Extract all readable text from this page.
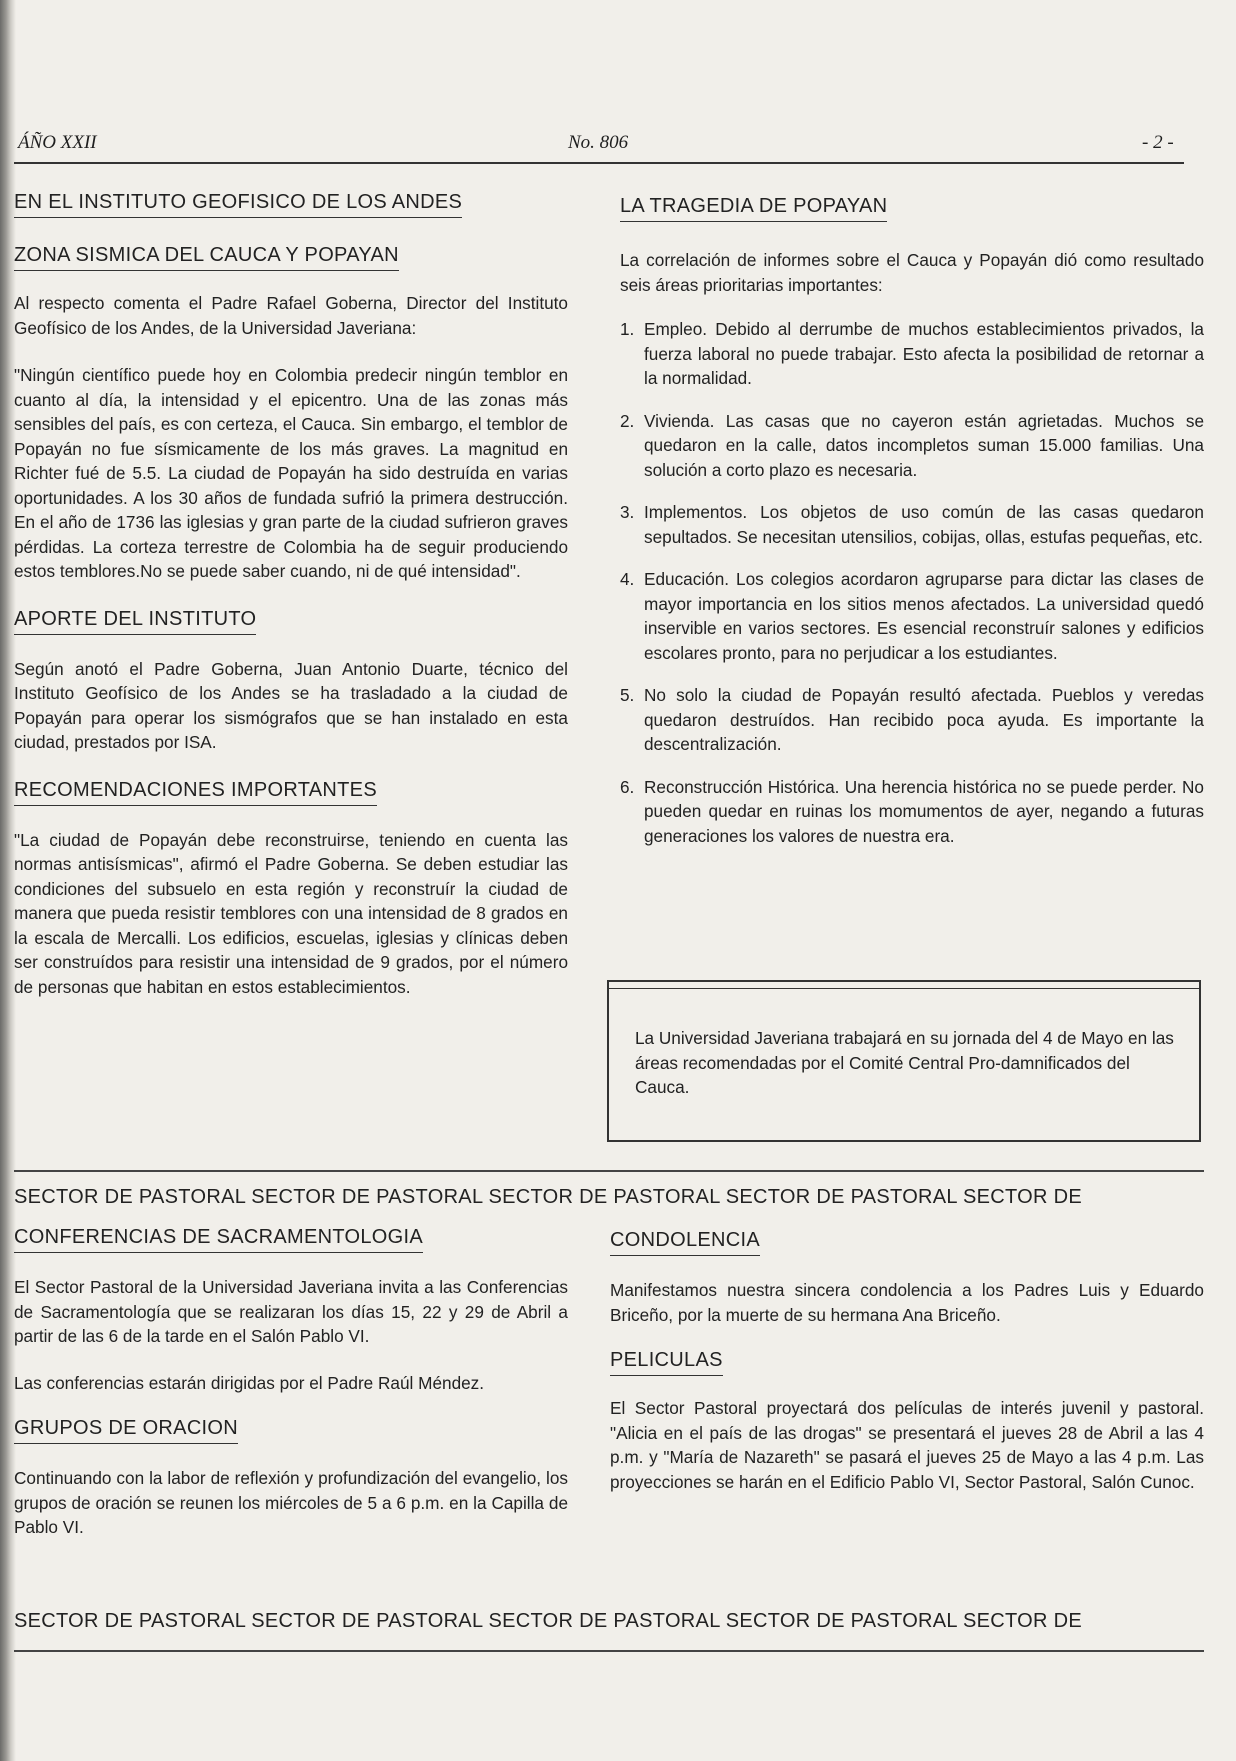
ÁÑO XXII	No. 806	- 2 -
EN EL INSTITUTO GEOFISICO DE LOS ANDES
ZONA SISMICA DEL CAUCA Y POPAYAN

Al respecto comenta el Padre Rafael Goberna, Director del Instituto Geofísico de los Andes, de la Universidad Javeriana:

"Ningún científico puede hoy en Colombia predecir ningún temblor en cuanto al día, la intensidad y el epicentro. Una de las zonas más sensibles del país, es con certeza, el Cauca. Sin embargo, el temblor de Popayán no fue sísmicamente de los más graves. La magnitud en Richter fué de 5.5. La ciudad de Popayán ha sido destruída en varias oportunidades. A los 30 años de fundada sufrió la primera destrucción. En el año de 1736 las iglesias y gran parte de la ciudad sufrieron graves pérdidas. La corteza terrestre de Colombia ha de seguir produciendo estos temblores.No se puede saber cuando, ni de qué intensidad".

APORTE DEL INSTITUTO

Según anotó el Padre Goberna, Juan Antonio Duarte, técnico del Instituto Geofísico de los Andes se ha trasladado a la ciudad de Popayán para operar los sismógrafos que se han instalado en esta ciudad, prestados por ISA.

RECOMENDACIONES IMPORTANTES

"La ciudad de Popayán debe reconstruirse, teniendo en cuenta las normas antisísmicas", afirmó el Padre Goberna. Se deben estudiar las condiciones del subsuelo en esta región y reconstruír la ciudad de manera que pueda resistir temblores con una intensidad de 8 grados en la escala de Mercalli. Los edificios, escuelas, iglesias y clínicas deben ser construídos para resistir una intensidad de 9 grados, por el número de personas que habitan en estos establecimientos.

LA TRAGEDIA DE POPAYAN

La correlación de informes sobre el Cauca y Popayán dió como resultado seis áreas prioritarias importantes:

1. Empleo. Debido al derrumbe de muchos establecimientos privados, la fuerza laboral no puede trabajar. Esto afecta la posibilidad de retornar a la normalidad.
2. Vivienda. Las casas que no cayeron están agrietadas. Muchos se quedaron en la calle, datos incompletos suman 15.000 familias. Una solución a corto plazo es necesaria.
3. Implementos. Los objetos de uso común de las casas quedaron sepultados. Se necesitan utensilios, cobijas, ollas, estufas pequeñas, etc.
4. Educación. Los colegios acordaron agruparse para dictar las clases de mayor importancia en los sitios menos afectados. La universidad quedó inservible en varios sectores. Es esencial reconstruír salones y edificios escolares pronto, para no perjudicar a los estudiantes.
5. No solo la ciudad de Popayán resultó afectada. Pueblos y veredas quedaron destruídos. Han recibido poca ayuda. Es importante la descentralización.
6. Reconstrucción Histórica. Una herencia histórica no se puede perder. No pueden quedar en ruinas los momumentos de ayer, negando a futuras generaciones los valores de nuestra era.

La Universidad Javeriana trabajará en su jornada del 4 de Mayo en las áreas recomendadas por el Comité Central Pro-damnificados del Cauca.

SECTOR DE PASTORAL SECTOR DE PASTORAL SECTOR DE PASTORAL SECTOR DE PASTORAL SECTOR DE
CONFERENCIAS DE SACRAMENTOLOGIA

El Sector Pastoral de la Universidad Javeriana invita a las Conferencias de Sacramentología que se realizaran los días 15, 22 y 29 de Abril a partir de las 6 de la tarde en el Salón Pablo VI.

Las conferencias estarán dirigidas por el Padre Raúl Méndez.

GRUPOS DE ORACION

Continuando con la labor de reflexión y profundización del evangelio, los grupos de oración se reunen los miércoles de 5 a 6 p.m. en la Capilla de Pablo VI.

CONDOLENCIA

Manifestamos nuestra sincera condolencia a los Padres Luis y Eduardo Briceño, por la muerte de su hermana Ana Briceño.

PELICULAS

El Sector Pastoral proyectará dos películas de interés juvenil y pastoral. "Alicia en el país de las drogas" se presentará el jueves 28 de Abril a las 4 p.m. y "María de Nazareth" se pasará el jueves 25 de Mayo a las 4 p.m. Las proyecciones se harán en el Edificio Pablo VI, Sector Pastoral, Salón Cunoc.

SECTOR DE PASTORAL SECTOR DE PASTORAL SECTOR DE PASTORAL SECTOR DE PASTORAL SECTOR DE
